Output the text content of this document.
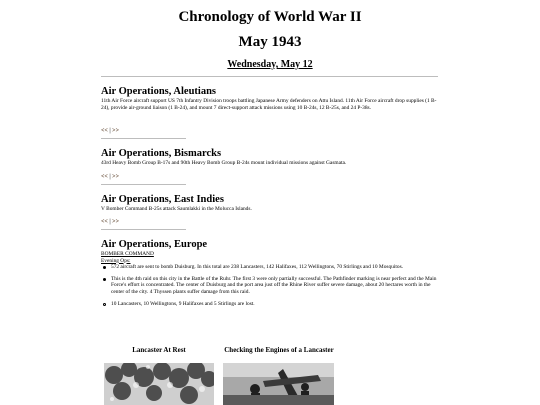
Chronology of World War II
May 1943
Wednesday, May 12

Air Operations, Aleutians

11th Air Force aircraft support US 7th Infantry Division troops battling Japanese Army defenders on Attu Island. 11th Air Force aircraft drop supplies (1 B-24), provide air-ground liaison (1 B-24), and mount 7 direct-support attack missions using 10 B-24s, 12 B-25s, and 24 P-38s.

<< | >>

Air Operations, Bismarcks

43rd Heavy Bomb Group B-17s and 90th Heavy Bomb Group B-24s mount individual missions against Gasmata.

<< | >>

Air Operations, East Indies

V Bomber Command B-25s attack Saumlakki in the Molucca Islands.

<< | >>

Air Operations, Europe

BOMBER COMMAND

Evening Ops:

572 aircraft are sent to bomb Duisburg. In this total are 238 Lancasters, 142 Halifaxes, 112 Wellingtons, 70 Stirlings and 10 Mosquitos.

This is the 4th raid on this city in the Battle of the Ruhr. The first 3 were only partially successful. The Pathfinder marking is near perfect and the Main Force's effort is concentrated. The center of Duisburg and the port area just off the Rhine River suffer severe damage, about 20 hectares worth in the center of the city. 4 Thyssen plants suffer damage from this raid.

10 Lancasters, 10 Wellingtons, 9 Halifaxes and 5 Stirlings are lost.

Lancaster At Rest	Checking the Engines of a Lancaster
